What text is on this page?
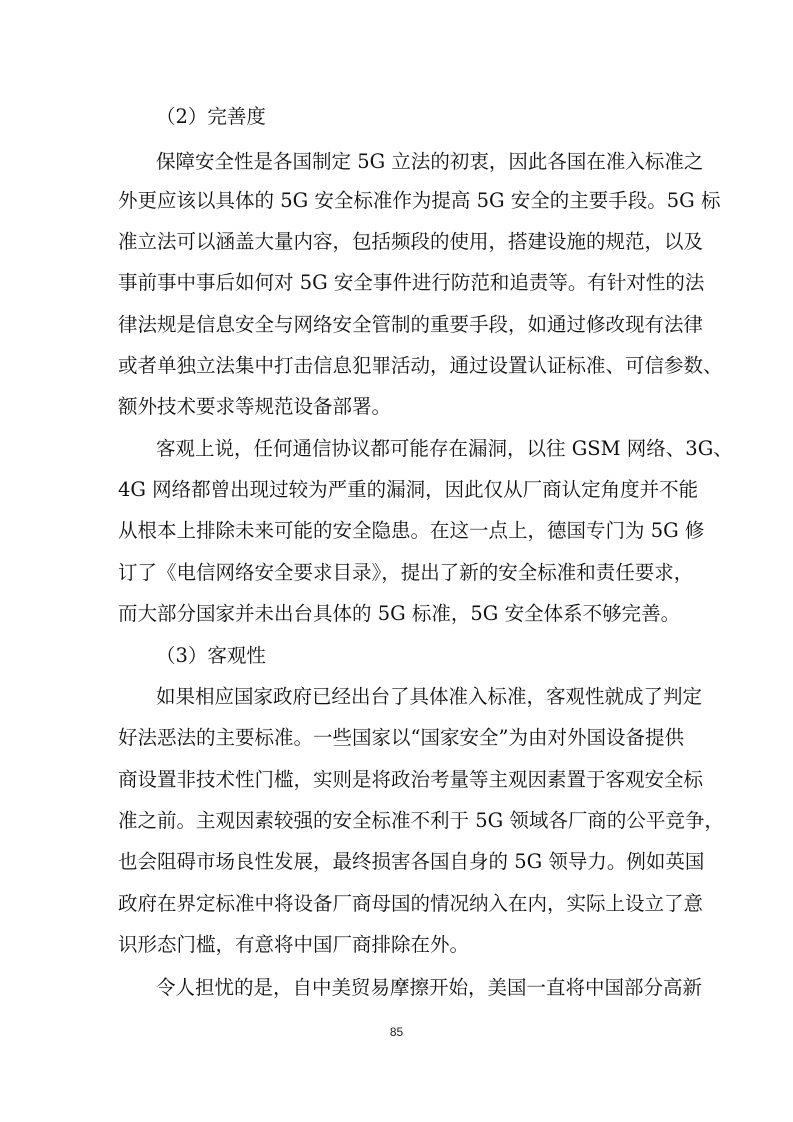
（2）完善度
保障安全性是各国制定 5G 立法的初衷，因此各国在准入标准之
外更应该以具体的 5G 安全标准作为提高 5G 安全的主要手段。5G 标
准立法可以涵盖大量内容，包括频段的使用，搭建设施的规范，以及
事前事中事后如何对 5G 安全事件进行防范和追责等。有针对性的法
律法规是信息安全与网络安全管制的重要手段，如通过修改现有法律
或者单独立法集中打击信息犯罪活动，通过设置认证标准、可信参数、
额外技术要求等规范设备部署。
客观上说，任何通信协议都可能存在漏洞，以往 GSM 网络、3G、
4G 网络都曾出现过较为严重的漏洞，因此仅从厂商认定角度并不能
从根本上排除未来可能的安全隐患。在这一点上，德国专门为 5G 修
订了《电信网络安全要求目录》，提出了新的安全标准和责任要求，
而大部分国家并未出台具体的 5G 标准，5G 安全体系不够完善。
（3）客观性
如果相应国家政府已经出台了具体准入标准，客观性就成了判定
好法恶法的主要标准。一些国家以“国家安全”为由对外国设备提供
商设置非技术性门槛，实则是将政治考量等主观因素置于客观安全标
准之前。主观因素较强的安全标准不利于 5G 领域各厂商的公平竞争，
也会阻碍市场良性发展，最终损害各国自身的 5G 领导力。例如英国
政府在界定标准中将设备厂商母国的情况纳入在内，实际上设立了意
识形态门槛，有意将中国厂商排除在外。
令人担忧的是，自中美贸易摩擦开始，美国一直将中国部分高新
85
